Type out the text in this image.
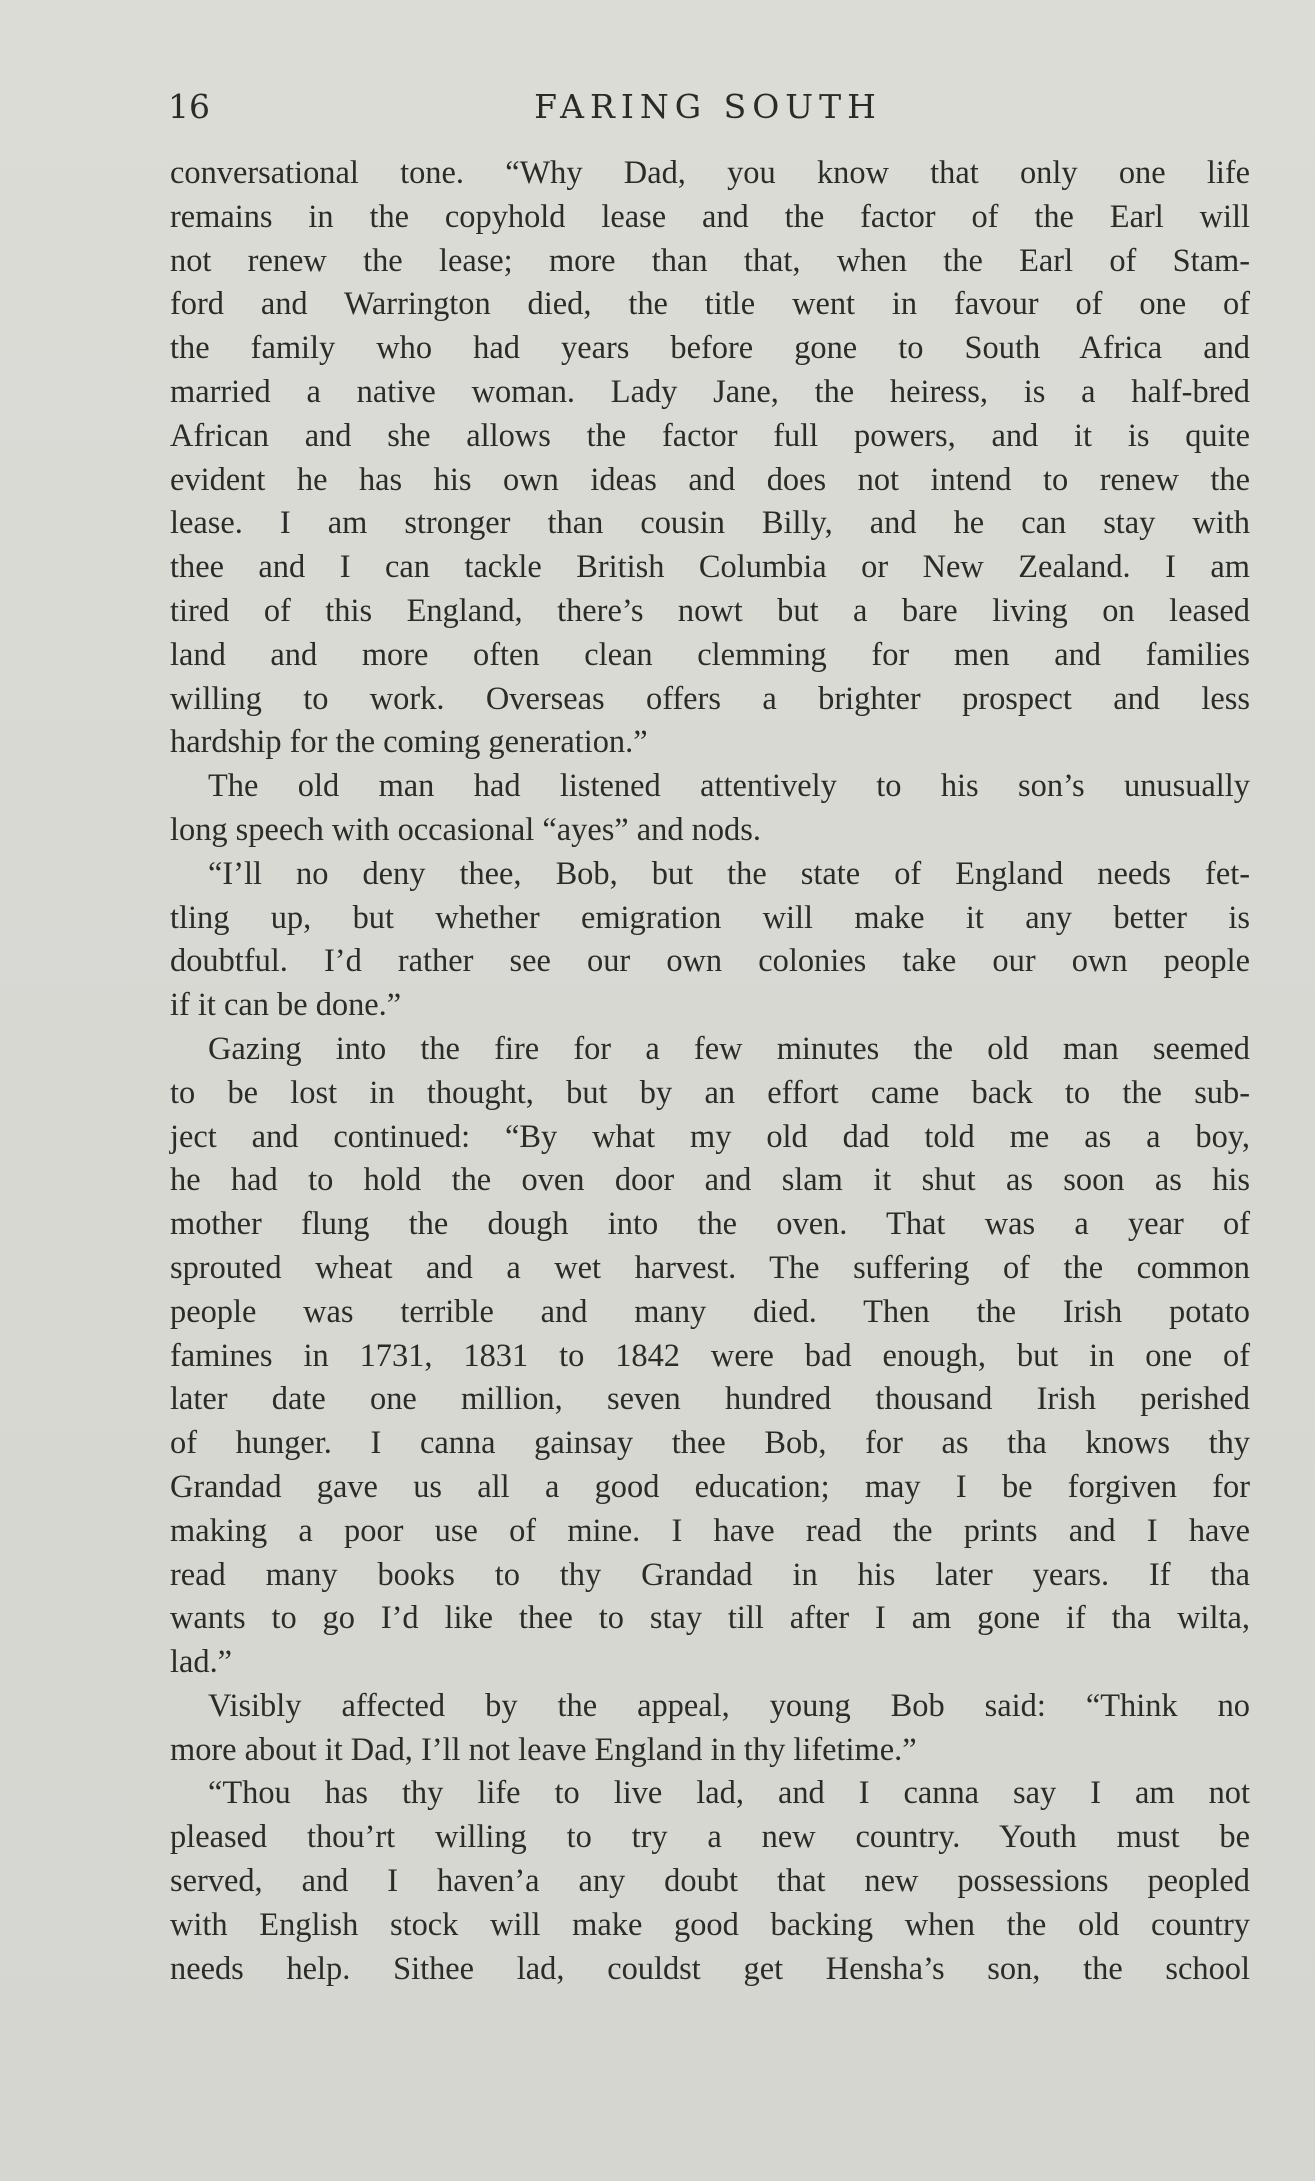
16	FARING SOUTH

conversational tone. “Why Dad, you know that only one life

remains in the copyhold lease and the factor of the Earl will

not renew the lease; more than that, when the Earl of Stam-

ford and Warrington died, the title went in favour of one of

the family who had years before gone to South Africa and

married a native woman. Lady Jane, the heiress, is a half-bred

African and she allows the factor full powers, and it is quite

evident he has his own ideas and does not intend to renew the

lease. I am stronger than cousin Billy, and he can stay with

thee and I can tackle British Columbia or New Zealand. I am

tired of this England, there’s nowt but a bare living on leased

land and more often clean clemming for men and families

willing to work. Overseas offers a brighter prospect and less

hardship for the coming generation.”

The old man had listened attentively to his son’s unusually

long speech with occasional “ayes” and nods.

“I’ll no deny thee, Bob, but the state of England needs fet-

tling up, but whether emigration will make it any better is

doubtful. I’d rather see our own colonies take our own people

if it can be done.”

Gazing into the fire for a few minutes the old man seemed

to be lost in thought, but by an effort came back to the sub-

ject and continued: “By what my old dad told me as a boy,

he had to hold the oven door and slam it shut as soon as his

mother flung the dough into the oven. That was a year of

sprouted wheat and a wet harvest. The suffering of the common

people was terrible and many died. Then the Irish potato

famines in 1731, 1831 to 1842 were bad enough, but in one of

later date one million, seven hundred thousand Irish perished

of hunger. I canna gainsay thee Bob, for as tha knows thy

Grandad gave us all a good education; may I be forgiven for

making a poor use of mine. I have read the prints and I have

read many books to thy Grandad in his later years. If tha

wants to go I’d like thee to stay till after I am gone if tha wilta,

lad.”

Visibly affected by the appeal, young Bob said: “Think no

more about it Dad, I’ll not leave England in thy lifetime.”

“Thou has thy life to live lad, and I canna say I am not

pleased thou’rt willing to try a new country. Youth must be

served, and I haven’a any doubt that new possessions peopled

with English stock will make good backing when the old country

needs help. Sithee lad, couldst get Hensha’s son, the school
